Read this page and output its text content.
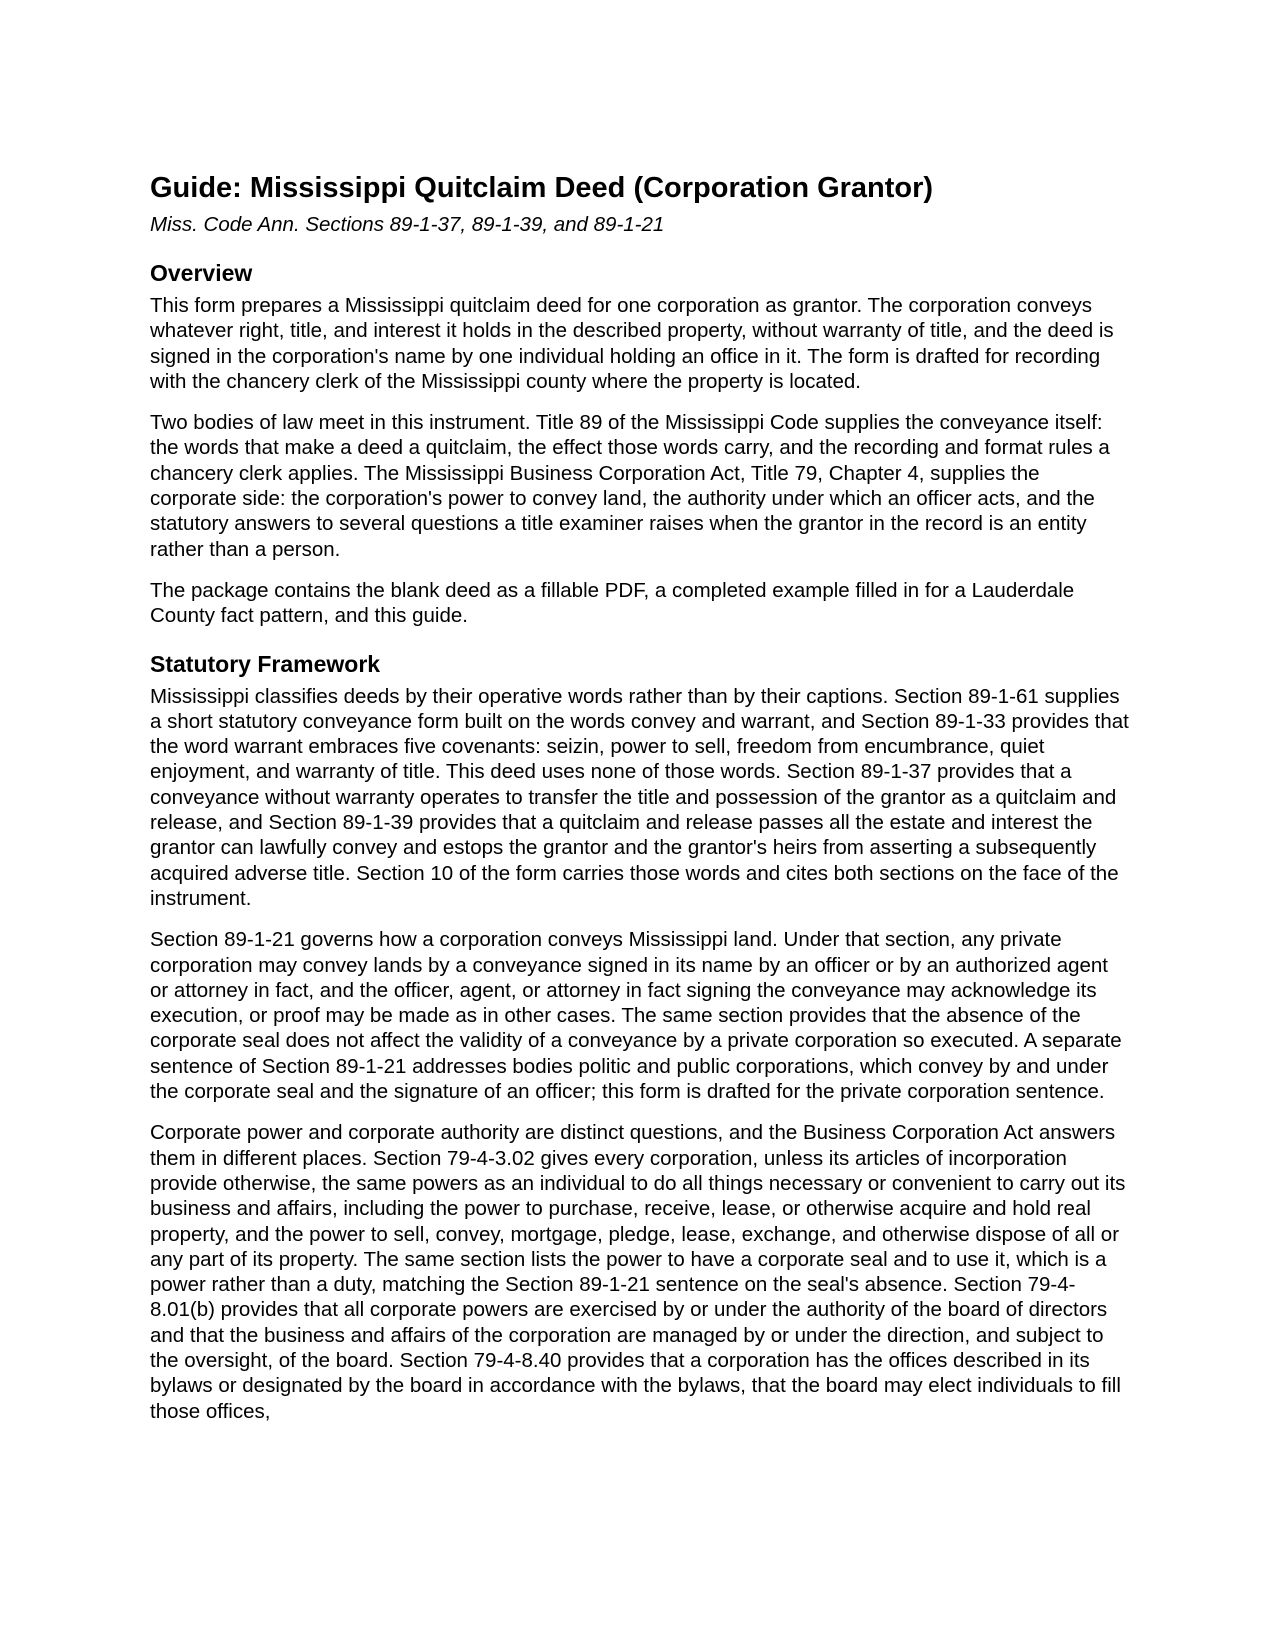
Guide: Mississippi Quitclaim Deed (Corporation Grantor)
Miss. Code Ann. Sections 89-1-37, 89-1-39, and 89-1-21
Overview

This form prepares a Mississippi quitclaim deed for one corporation as grantor. The corporation conveys whatever right, title, and interest it holds in the described property, without warranty of title, and the deed is signed in the corporation's name by one individual holding an office in it. The form is drafted for recording with the chancery clerk of the Mississippi county where the property is located.

Two bodies of law meet in this instrument. Title 89 of the Mississippi Code supplies the conveyance itself: the words that make a deed a quitclaim, the effect those words carry, and the recording and format rules a chancery clerk applies. The Mississippi Business Corporation Act, Title 79, Chapter 4, supplies the corporate side: the corporation's power to convey land, the authority under which an officer acts, and the statutory answers to several questions a title examiner raises when the grantor in the record is an entity rather than a person.

The package contains the blank deed as a fillable PDF, a completed example filled in for a Lauderdale County fact pattern, and this guide.

Statutory Framework

Mississippi classifies deeds by their operative words rather than by their captions. Section 89-1-61 supplies a short statutory conveyance form built on the words convey and warrant, and Section 89-1-33 provides that the word warrant embraces five covenants: seizin, power to sell, freedom from encumbrance, quiet enjoyment, and warranty of title. This deed uses none of those words. Section 89-1-37 provides that a conveyance without warranty operates to transfer the title and possession of the grantor as a quitclaim and release, and Section 89-1-39 provides that a quitclaim and release passes all the estate and interest the grantor can lawfully convey and estops the grantor and the grantor's heirs from asserting a subsequently acquired adverse title. Section 10 of the form carries those words and cites both sections on the face of the instrument.

Section 89-1-21 governs how a corporation conveys Mississippi land. Under that section, any private corporation may convey lands by a conveyance signed in its name by an officer or by an authorized agent or attorney in fact, and the officer, agent, or attorney in fact signing the conveyance may acknowledge its execution, or proof may be made as in other cases. The same section provides that the absence of the corporate seal does not affect the validity of a conveyance by a private corporation so executed. A separate sentence of Section 89-1-21 addresses bodies politic and public corporations, which convey by and under the corporate seal and the signature of an officer; this form is drafted for the private corporation sentence.

Corporate power and corporate authority are distinct questions, and the Business Corporation Act answers them in different places. Section 79-4-3.02 gives every corporation, unless its articles of incorporation provide otherwise, the same powers as an individual to do all things necessary or convenient to carry out its business and affairs, including the power to purchase, receive, lease, or otherwise acquire and hold real property, and the power to sell, convey, mortgage, pledge, lease, exchange, and otherwise dispose of all or any part of its property. The same section lists the power to have a corporate seal and to use it, which is a power rather than a duty, matching the Section 89-1-21 sentence on the seal's absence. Section 79-4-8.01(b) provides that all corporate powers are exercised by or under the authority of the board of directors and that the business and affairs of the corporation are managed by or under the direction, and subject to the oversight, of the board. Section 79-4-8.40 provides that a corporation has the offices described in its bylaws or designated by the board in accordance with the bylaws, that the board may elect individuals to fill those offices,
